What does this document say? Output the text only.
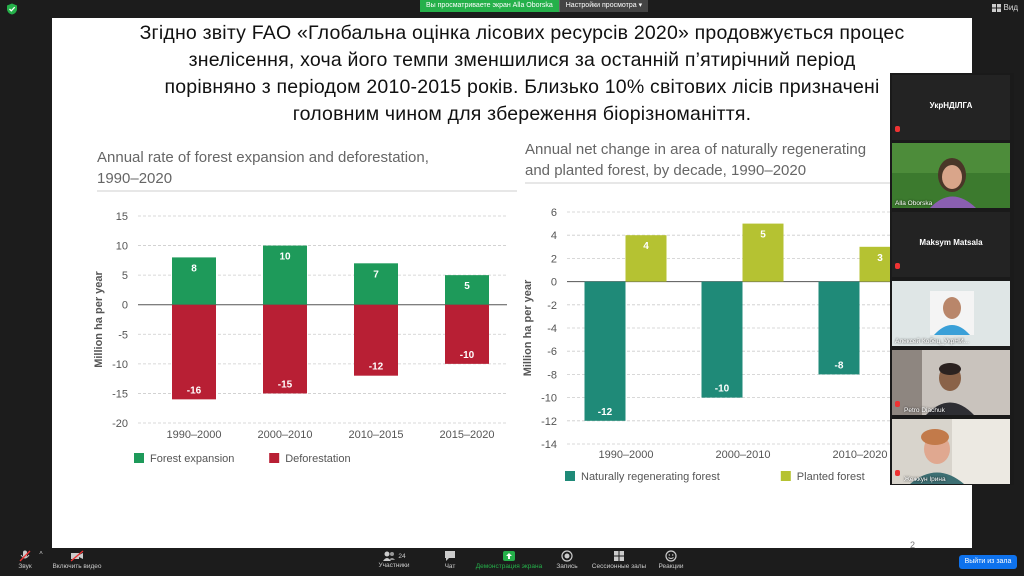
Вы просматриваете экран Alla Oborska	Настройки просмотра ▾	Вид
Згідно звіту FAO «Глобальна оцінка лісових ресурсів 2020» продовжується процес
знелісення, хоча його темпи зменшилися за останній п’ятирічний період
порівняно з періодом 2010-2015 років. Близько 10% світових лісів призначені
головним чином для збереження біорізноманіття.
Annual rate of forest expansion and deforestation,
1990–2020
15
10
5
0
-5
-10
-15
-20
Million ha per year
1990–2000
8
-16
2000–2010
10
-15
2010–2015
7
-12
2015–2020
5
-10
Forest expansion	Deforestation
Annual net change in area of naturally regenerating
and planted forest, by decade, 1990–2020
6
4
2
0
-2
-4
-6
-8
-10
-12
-14
Million ha per year
1990–2000
-12
4
2000–2010
-10
5
2010–2020
-8
3
Naturally regenerating forest	Planted forest
2
УкрНДІЛГА
Alla Oborska
Maksym Matsala
Алексей Кобец_УкрНИ...
Petro Diachuk
Жежкун Ірина
Звук
˄
Включить видео
24
Участники	Чат	Демонстрация экрана	Запись	Сессионные залы	Реакции
Выйти из зала
